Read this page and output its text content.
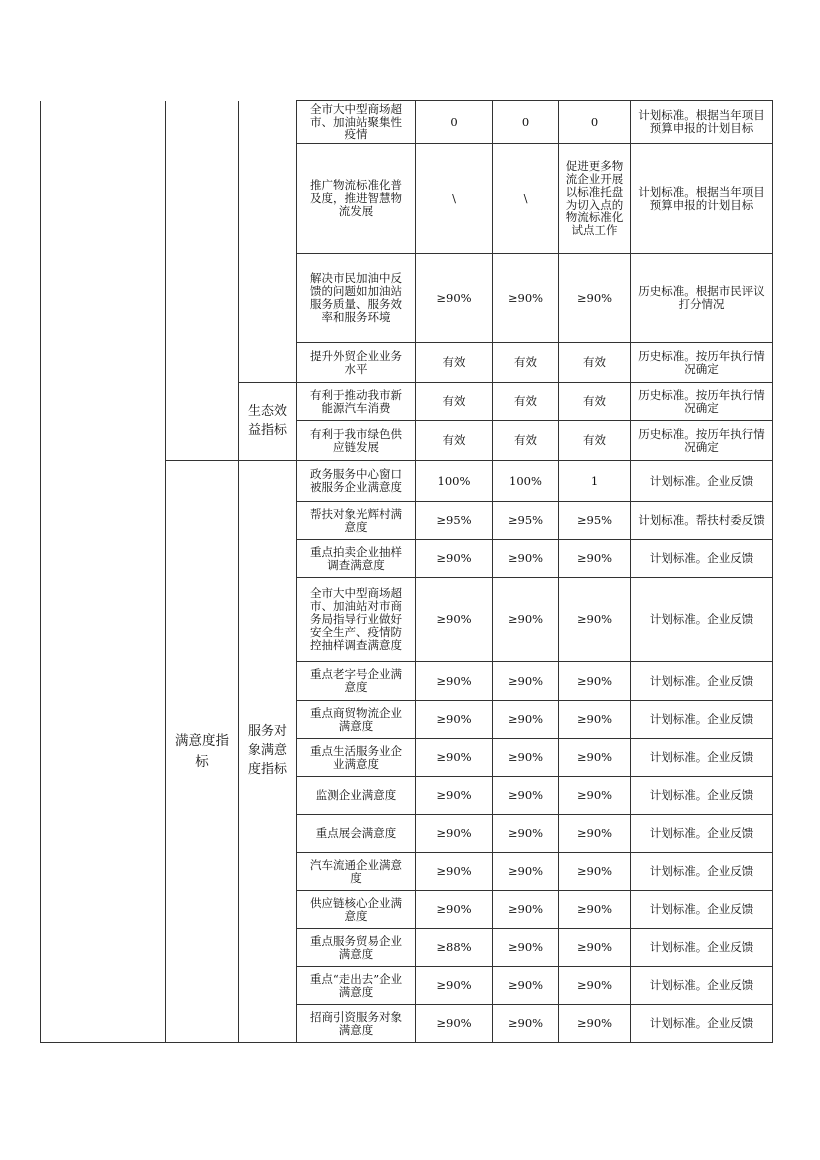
			全市大中型商场超市、加油站聚集性疫情	0	0	0	计划标准。根据当年项目预算申报的计划目标
			推广物流标准化普及度，推进智慧物流发展	\	\	促进更多物流企业开展以标准托盘为切入点的物流标准化试点工作	计划标准。根据当年项目预算申报的计划目标
			解决市民加油中反馈的问题如加油站服务质量、服务效率和服务环境	≥90%	≥90%	≥90%	历史标准。根据市民评议打分情况
			提升外贸企业业务水平	有效	有效	有效	历史标准。按历年执行情况确定
		生态效益指标	有利于推动我市新能源汽车消费	有效	有效	有效	历史标准。按历年执行情况确定
			有利于我市绿色供应链发展	有效	有效	有效	历史标准。按历年执行情况确定
	满意度指标	服务对象满意度指标	政务服务中心窗口被服务企业满意度	100%	100%	1	计划标准。企业反馈
			帮扶对象光辉村满意度	≥95%	≥95%	≥95%	计划标准。帮扶村委反馈
			重点拍卖企业抽样调查满意度	≥90%	≥90%	≥90%	计划标准。企业反馈
			全市大中型商场超市、加油站对市商务局指导行业做好安全生产、疫情防控抽样调查满意度	≥90%	≥90%	≥90%	计划标准。企业反馈
			重点老字号企业满意度	≥90%	≥90%	≥90%	计划标准。企业反馈
			重点商贸物流企业满意度	≥90%	≥90%	≥90%	计划标准。企业反馈
			重点生活服务业企业满意度	≥90%	≥90%	≥90%	计划标准。企业反馈
			监测企业满意度	≥90%	≥90%	≥90%	计划标准。企业反馈
			重点展会满意度	≥90%	≥90%	≥90%	计划标准。企业反馈
			汽车流通企业满意度	≥90%	≥90%	≥90%	计划标准。企业反馈
			供应链核心企业满意度	≥90%	≥90%	≥90%	计划标准。企业反馈
			重点服务贸易企业满意度	≥88%	≥90%	≥90%	计划标准。企业反馈
			重点“走出去”企业满意度	≥90%	≥90%	≥90%	计划标准。企业反馈
			招商引资服务对象满意度	≥90%	≥90%	≥90%	计划标准。企业反馈
